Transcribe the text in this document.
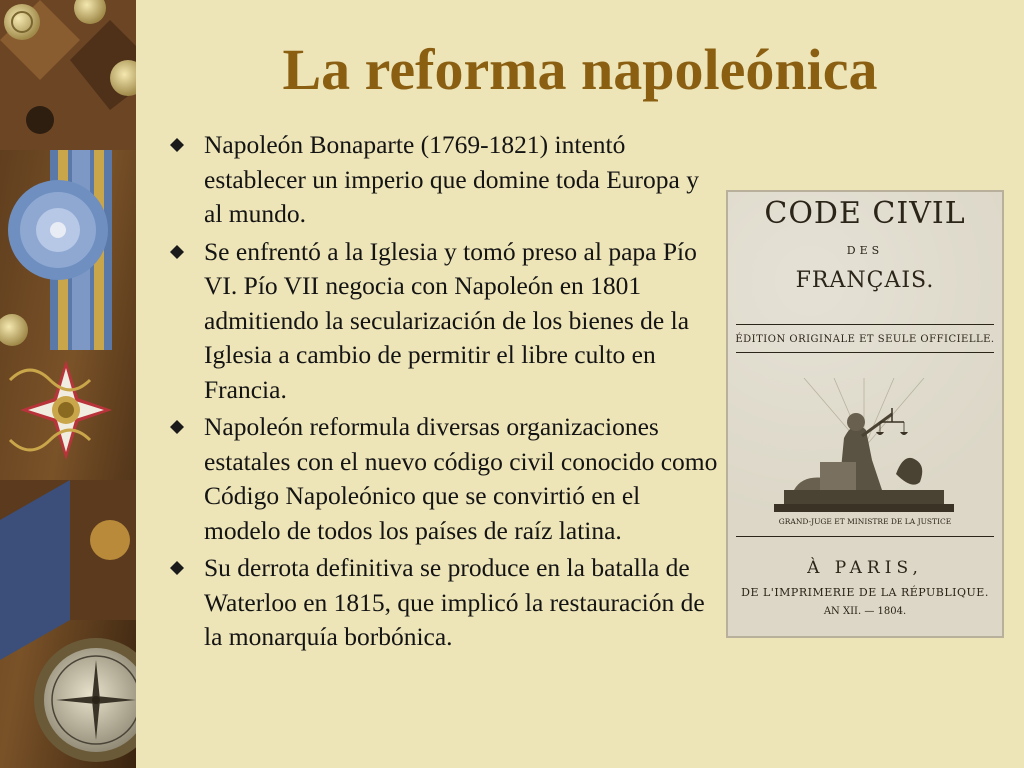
La reforma napoleónica
Napoleón Bonaparte (1769-1821) intentó establecer un imperio que domine toda Europa y al mundo.
Se enfrentó a la Iglesia y tomó preso al papa Pío VI. Pío VII negocia con Napoleón en 1801 admitiendo la secularización de los bienes de la Iglesia a cambio de permitir el libre culto en Francia.
Napoleón reformula diversas organizaciones estatales con el nuevo código civil conocido como Código Napoleónico que se convirtió en el modelo de todos los países de raíz latina.
Su derrota definitiva se produce en la batalla de Waterloo en 1815, que implicó la restauración de la monarquía borbónica.
CODE CIVIL
DES
FRANÇAIS.
ÉDITION ORIGINALE ET SEULE OFFICIELLE.
GRAND-JUGE ET MINISTRE DE LA JUSTICE
À PARIS,
DE L'IMPRIMERIE DE LA RÉPUBLIQUE.
AN XII. — 1804.
